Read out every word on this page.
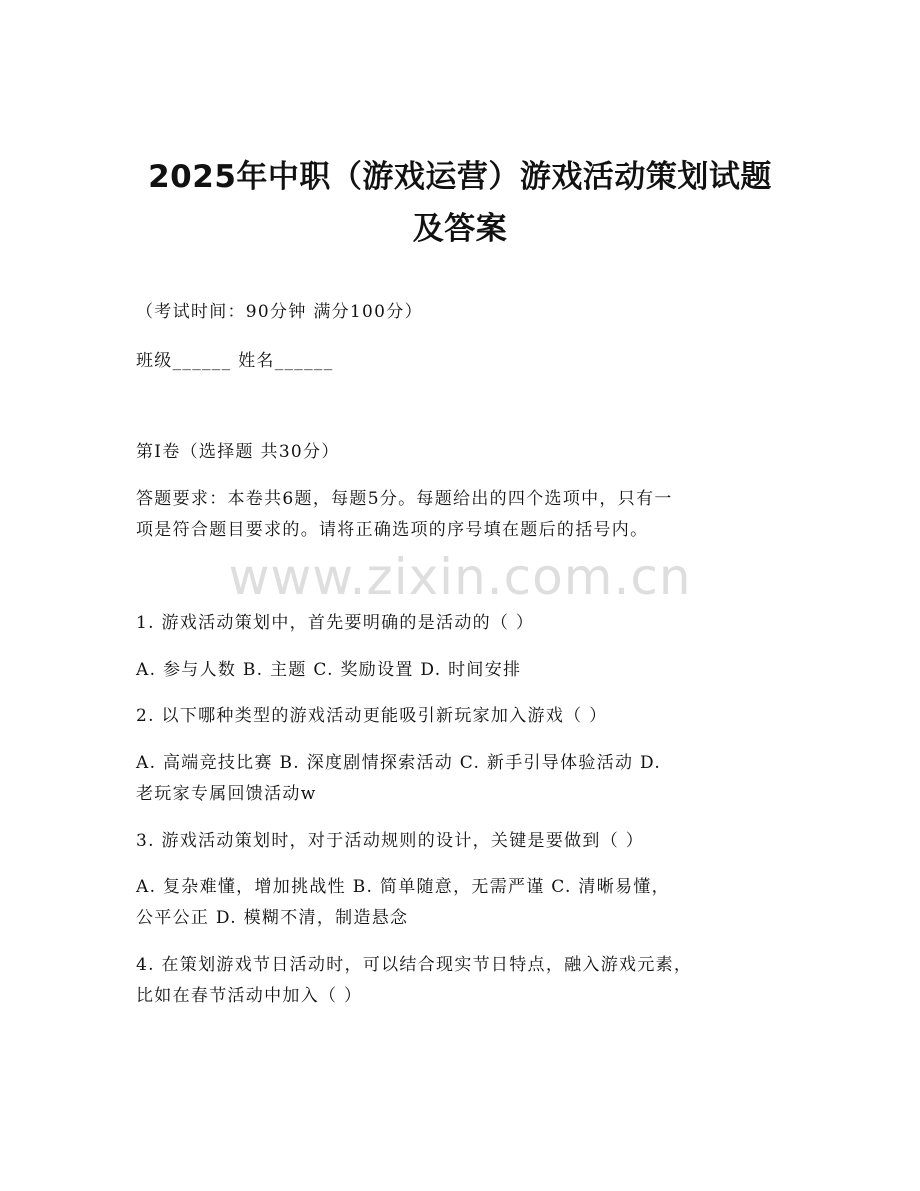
2025年中职（游戏运营）游戏活动策划试题
及答案

（考试时间：90分钟 满分100分）

班级______ 姓名______

第I卷（选择题 共30分）

答题要求：本卷共6题，每题5分。每题给出的四个选项中，只有一

项是符合题目要求的。请将正确选项的序号填在题后的括号内。

www.zixin.com.cn

1. 游戏活动策划中，首先要明确的是活动的（ ）

A. 参与人数 B. 主题 C. 奖励设置 D. 时间安排

2. 以下哪种类型的游戏活动更能吸引新玩家加入游戏（ ）

A. 高端竞技比赛 B. 深度剧情探索活动 C. 新手引导体验活动 D.

老玩家专属回馈活动w

3. 游戏活动策划时，对于活动规则的设计，关键是要做到（ ）

A. 复杂难懂，增加挑战性 B. 简单随意，无需严谨 C. 清晰易懂，

公平公正 D. 模糊不清，制造悬念

4. 在策划游戏节日活动时，可以结合现实节日特点，融入游戏元素，

比如在春节活动中加入（ ）
